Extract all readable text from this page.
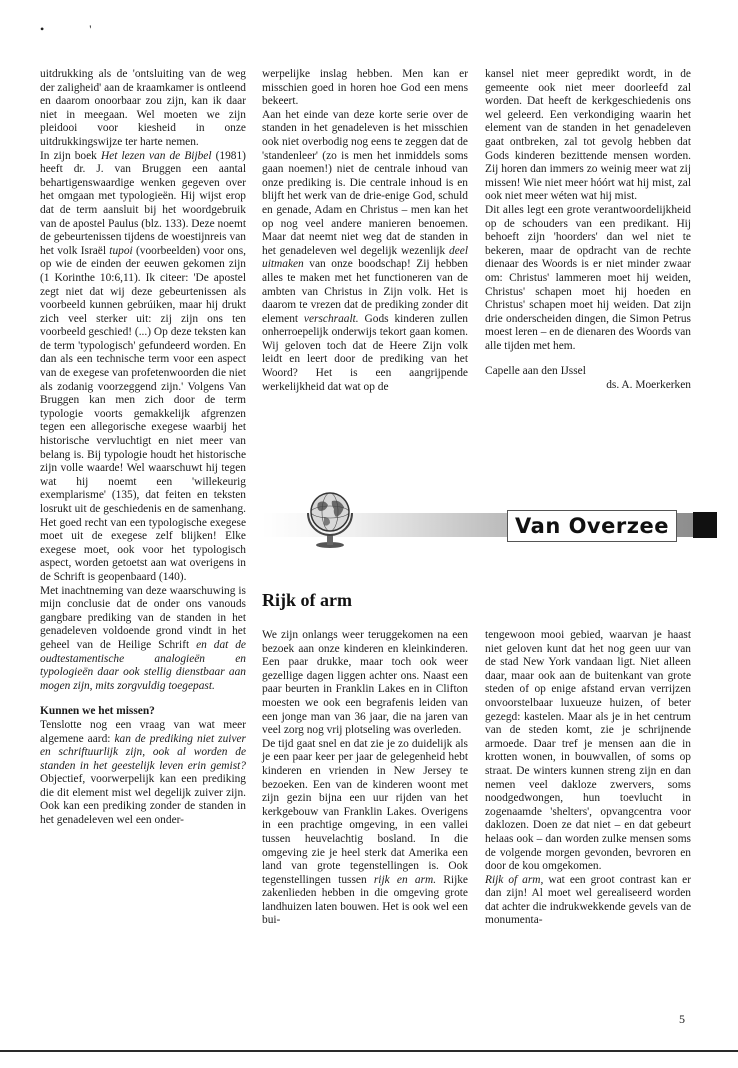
•	'

uitdrukking als de 'ontsluiting van de weg der zaligheid' aan de kraamkamer is ontleend en daarom onoorbaar zou zijn, kan ik daar niet in meegaan. Wel moeten we zijn pleidooi voor kiesheid in onze uitdrukkingswijze ter harte nemen.

In zijn boek Het lezen van de Bijbel (1981) heeft dr. J. van Bruggen een aantal behartigenswaardige wenken gegeven over het omgaan met typologieën. Hij wijst erop dat de term aansluit bij het woordgebruik van de apostel Paulus (blz. 133). Deze noemt de gebeurtenissen tijdens de woestijnreis van het volk Israël tupoi (voorbeelden) voor ons, op wie de einden der eeuwen gekomen zijn (1 Korinthe 10:6,11). Ik citeer: 'De apostel zegt niet dat wij deze gebeurtenissen als voorbeeld kunnen gebrúiken, maar hij drukt zich veel sterker uit: zij zijn ons ten voorbeeld geschied! (...) Op deze teksten kan de term 'typologisch' gefundeerd worden. En dan als een technische term voor een aspect van de exegese van profetenwoorden die niet als zodanig voorzeggend zijn.' Volgens Van Bruggen kan men zich door de term typologie voorts gemakkelijk afgrenzen tegen een allegorische exegese waarbij het historische vervluchtigt en niet meer van belang is. Bij typologie houdt het historische zijn volle waarde! Wel waarschuwt hij tegen wat hij noemt een 'willekeurig exemplarisme' (135), dat feiten en teksten losrukt uit de geschiedenis en de samenhang. Het goed recht van een typologische exegese moet uit de exegese zelf blijken! Elke exegese moet, ook voor het typologisch aspect, worden getoetst aan wat overigens in de Schrift is geopenbaard (140).

Met inachtneming van deze waarschuwing is mijn conclusie dat de onder ons vanouds gangbare prediking van de standen in het genadeleven voldoende grond vindt in het geheel van de Heilige Schrift en dat de oudtestamentische analogieën en typologieën daar ook stellig dienstbaar aan mogen zijn, mits zorgvuldig toegepast.

Kunnen we het missen?

Tenslotte nog een vraag van wat meer algemene aard: kan de prediking niet zuiver en schriftuurlijk zijn, ook al worden de standen in het geestelijk leven erin gemist? Objectief, voorwerpelijk kan een prediking die dit element mist wel degelijk zuiver zijn. Ook kan een prediking zonder de standen in het genadeleven wel een onder-

werpelijke inslag hebben. Men kan er misschien goed in horen hoe God een mens bekeert.

Aan het einde van deze korte serie over de standen in het genadeleven is het misschien ook niet overbodig nog eens te zeggen dat de 'standenleer' (zo is men het inmiddels soms gaan noemen!) niet de centrale inhoud van onze prediking is. Die centrale inhoud is en blijft het werk van de drie-enige God, schuld en genade, Adam en Christus – men kan het op nog veel andere manieren benoemen. Maar dat neemt niet weg dat de standen in het genadeleven wel degelijk wezenlijk deel uitmaken van onze boodschap! Zij hebben alles te maken met het functioneren van de ambten van Christus in Zijn volk. Het is daarom te vrezen dat de prediking zonder dit element verschraalt. Gods kinderen zullen onherroepelijk onderwijs tekort gaan komen. Wij geloven toch dat de Heere Zijn volk leidt en leert door de prediking van het Woord? Het is een aangrijpende werkelijkheid dat wat op de

kansel niet meer gepredikt wordt, in de gemeente ook niet meer doorleefd zal worden. Dat heeft de kerkgeschiedenis ons wel geleerd. Een verkondiging waarin het element van de standen in het genadeleven gaat ontbreken, zal tot gevolg hebben dat Gods kinderen bezittende mensen worden. Zij horen dan immers zo weinig meer wat zij missen! Wie niet meer hóórt wat hij mist, zal ook niet meer wéten wat hij mist.

Dit alles legt een grote verantwoordelijkheid op de schouders van een predikant. Hij behoeft zijn 'hoorders' dan wel niet te bekeren, maar de opdracht van de rechte dienaar des Woords is er niet minder zwaar om: Christus' lammeren moet hij weiden, Christus' schapen moet hij hoeden en Christus' schapen moet hij weiden. Dat zijn drie onderscheiden dingen, die Simon Petrus moest leren – en de dienaren des Woords van alle tijden met hem.

Capelle aan den IJssel

ds. A. Moerkerken

Van Overzee
Rijk of arm

We zijn onlangs weer teruggekomen na een bezoek aan onze kinderen en kleinkinderen. Een paar drukke, maar toch ook weer gezellige dagen liggen achter ons. Naast een paar beurten in Franklin Lakes en in Clifton moesten we ook een begrafenis leiden van een jonge man van 36 jaar, die na jaren van veel zorg nog vrij plotseling was overleden.

De tijd gaat snel en dat zie je zo duidelijk als je een paar keer per jaar de gelegenheid hebt kinderen en vrienden in New Jersey te bezoeken. Een van de kinderen woont met zijn gezin bijna een uur rijden van het kerkgebouw van Franklin Lakes. Overigens in een prachtige omgeving, in een vallei tussen heuvelachtig bosland. In die omgeving zie je heel sterk dat Amerika een land van grote tegenstellingen is. Ook tegenstellingen tussen rijk en arm. Rijke zakenlieden hebben in die omgeving grote landhuizen laten bouwen. Het is ook wel een bui-

tengewoon mooi gebied, waarvan je haast niet geloven kunt dat het nog geen uur van de stad New York vandaan ligt. Niet alleen daar, maar ook aan de buitenkant van grote steden of op enige afstand ervan verrijzen onvoorstelbaar luxueuze huizen, of beter gezegd: kastelen. Maar als je in het centrum van de steden komt, zie je schrijnende armoede. Daar tref je mensen aan die in krotten wonen, in bouwvallen, of soms op straat. De winters kunnen streng zijn en dan nemen veel dakloze zwervers, soms noodgedwongen, hun toevlucht in zogenaamde 'shelters', opvangcentra voor daklozen. Doen ze dat niet – en dat gebeurt helaas ook – dan worden zulke mensen soms de volgende morgen gevonden, bevroren en door de kou omgekomen.

Rijk of arm, wat een groot contrast kan er dan zijn! Al moet wel gerealiseerd worden dat achter die indrukwekkende gevels van de monumenta-

5
